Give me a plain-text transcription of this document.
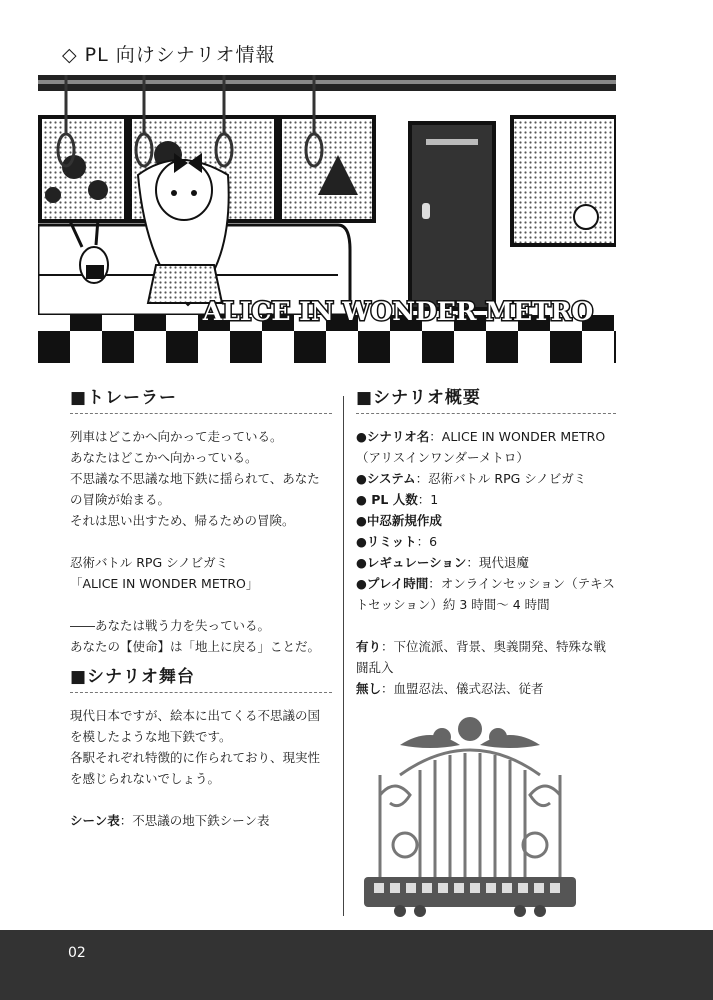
◇ PL 向けシナリオ情報
ALICE IN WONDER METRO
■トレーラー

列車はどこかへ向かって走っている。

あなたはどこかへ向かっている。

不思議な不思議な地下鉄に揺られて、あなたの冒険が始まる。

それは思い出すため、帰るための冒険。

忍術バトル RPG シノビガミ

「ALICE IN WONDER METRO」

――あなたは戦う力を失っている。

あなたの【使命】は「地上に戻る」ことだ。

■シナリオ舞台

現代日本ですが、絵本に出てくる不思議の国を模したような地下鉄です。

各駅それぞれ特徴的に作られており、現実性を感じられないでしょう。

シーン表：不思議の地下鉄シーン表

■シナリオ概要

●シナリオ名：ALICE IN WONDER METRO

（アリスインワンダーメトロ）

●システム：忍術バトル RPG シノビガミ

● PL 人数：1

●中忍新規作成

●リミット：6

●レギュレーション：現代退魔

●プレイ時間：オンラインセッション（テキストセッション）約 3 時間～ 4 時間

有り：下位流派、背景、奥義開発、特殊な戦闘乱入

無し：血盟忍法、儀式忍法、従者

02
